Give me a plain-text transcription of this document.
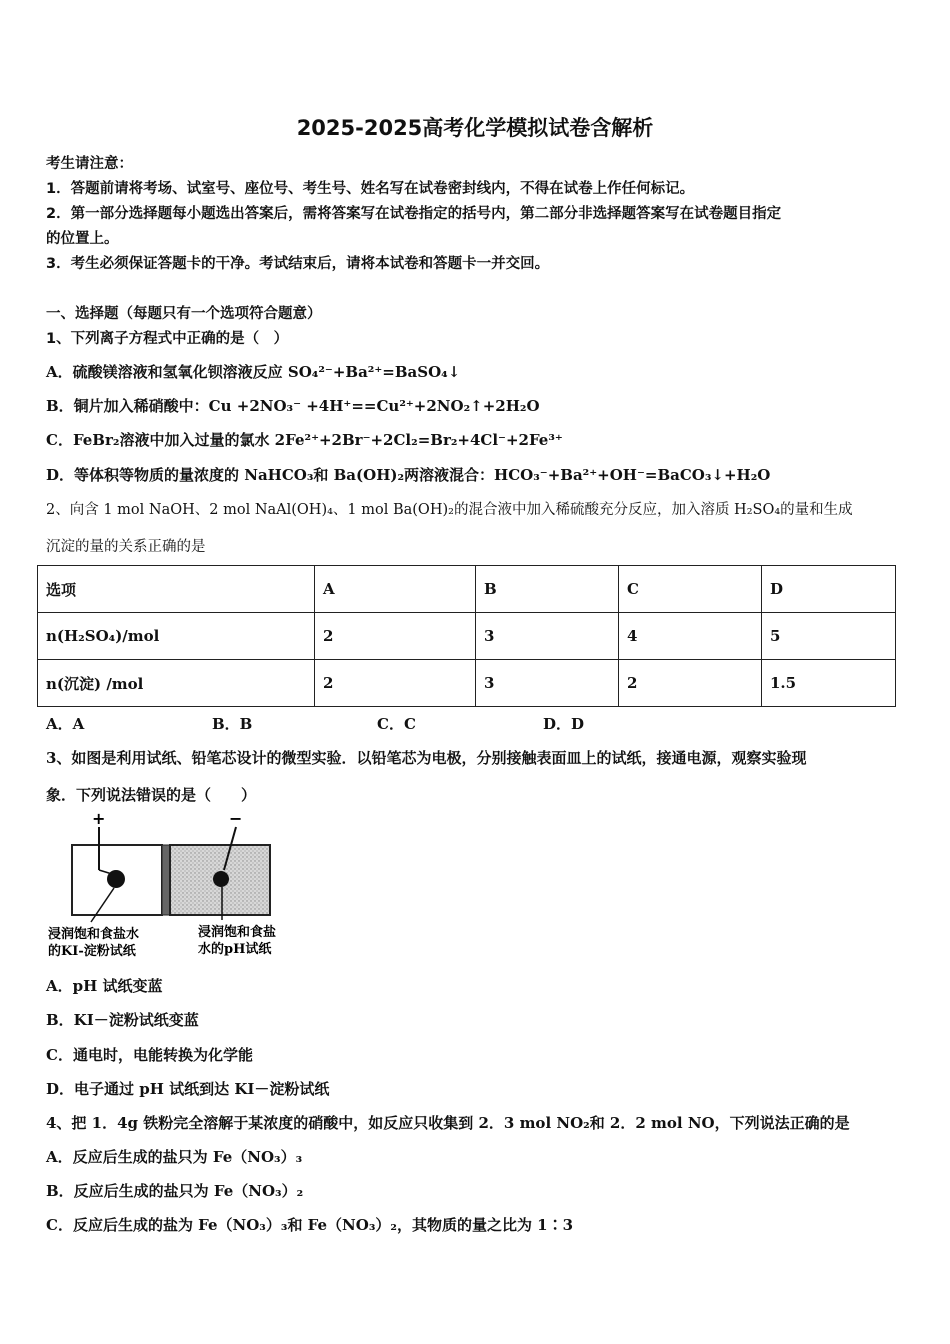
2025-2025高考化学模拟试卷含解析
考生请注意：
1．答题前请将考场、试室号、座位号、考生号、姓名写在试卷密封线内，不得在试卷上作任何标记。
2．第一部分选择题每小题选出答案后，需将答案写在试卷指定的括号内，第二部分非选择题答案写在试卷题目指定
的位置上。
3．考生必须保证答题卡的干净。考试结束后，请将本试卷和答题卡一并交回。
一、选择题（每题只有一个选项符合题意）
1、下列离子方程式中正确的是（　）
A．硫酸镁溶液和氢氧化钡溶液反应 SO₄²⁻+Ba²⁺=BaSO₄↓
B．铜片加入稀硝酸中：Cu +2NO₃⁻ +4H⁺==Cu²⁺+2NO₂↑+2H₂O
C．FeBr₂溶液中加入过量的氯水 2Fe²⁺+2Br⁻+2Cl₂=Br₂+4Cl⁻+2Fe³⁺
D．等体积等物质的量浓度的 NaHCO₃和 Ba(OH)₂两溶液混合：HCO₃⁻+Ba²⁺+OH⁻=BaCO₃↓+H₂O
2、向含 1 mol NaOH、2 mol NaAl(OH)₄、1 mol Ba(OH)₂的混合液中加入稀硫酸充分反应，加入溶质 H₂SO₄的量和生成
沉淀的量的关系正确的是
选项	A	B	C	D
n(H₂SO₄)/mol	2	3	4	5
n(沉淀) /mol	2	3	2	1.5
A．A	B．B	C．C	D．D
3、如图是利用试纸、铅笔芯设计的微型实验．以铅笔芯为电极，分别接触表面皿上的试纸，接通电源，观察实验现
象．下列说法错误的是（　　）
+	−
浸润饱和食盐水
的KI-淀粉试纸
浸润饱和食盐
水的pH试纸
A．pH 试纸变蓝
B．KI－淀粉试纸变蓝
C．通电时，电能转换为化学能
D．电子通过 pH 试纸到达 KI－淀粉试纸
4、把 1．4g 铁粉完全溶解于某浓度的硝酸中，如反应只收集到 2．3 mol NO₂和 2．2 mol NO，下列说法正确的是
A．反应后生成的盐只为 Fe（NO₃）₃
B．反应后生成的盐只为 Fe（NO₃）₂
C．反应后生成的盐为 Fe（NO₃）₃和 Fe（NO₃）₂，其物质的量之比为 1∶3
